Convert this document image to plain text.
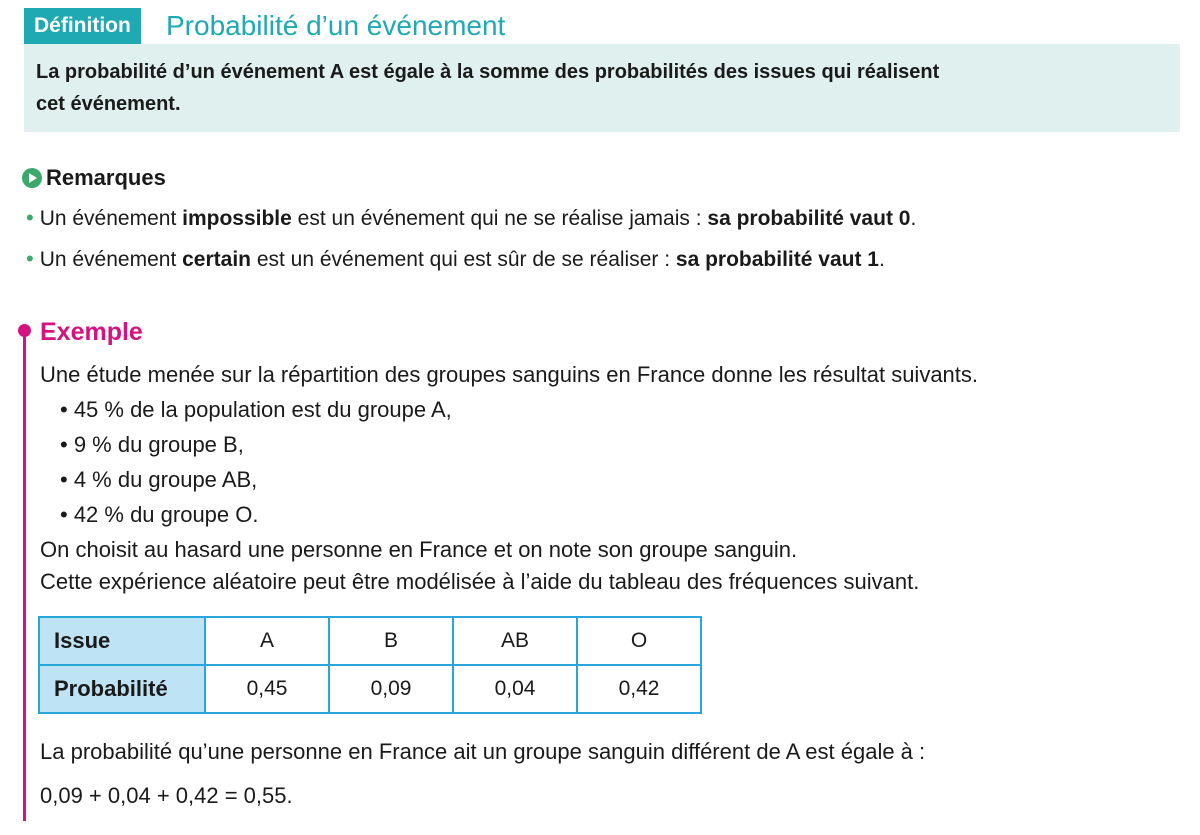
Définition	Probabilité d’un événement
La probabilité d’un événement A est égale à la somme des probabilités des issues qui réalisent
cet événement.
Remarques
• Un événement impossible est un événement qui ne se réalise jamais : sa probabilité vaut 0.
• Un événement certain est un événement qui est sûr de se réaliser : sa probabilité vaut 1.
Exemple
Une étude menée sur la répartition des groupes sanguins en France donne les résultat suivants.
• 45 % de la population est du groupe A,
• 9 % du groupe B,
• 4 % du groupe AB,
• 42 % du groupe O.
On choisit au hasard une personne en France et on note son groupe sanguin.
Cette expérience aléatoire peut être modélisée à l’aide du tableau des fréquences suivant.
Issue	A	B	AB	O
Probabilité	0,45	0,09	0,04	0,42
La probabilité qu’une personne en France ait un groupe sanguin différent de A est égale à :
0,09 + 0,04 + 0,42 = 0,55.
